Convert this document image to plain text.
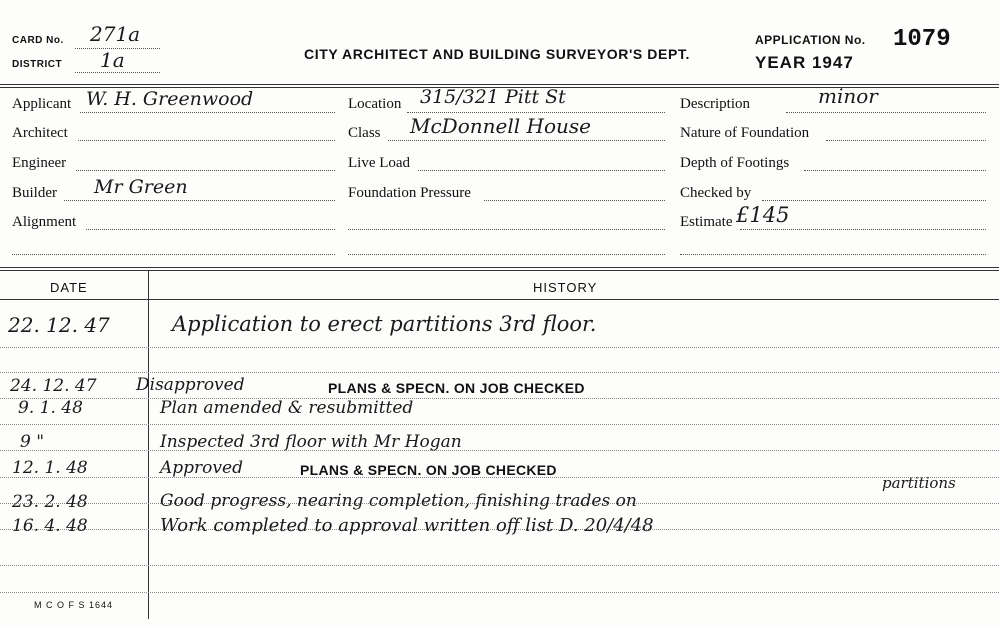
CARD No. 271a
DISTRICT 1a	CITY ARCHITECT AND BUILDING SURVEYOR'S DEPT.
APPLICATION No. 1079
YEAR 1947
Applicant W. H. Greenwood
Architect
Engineer
Builder Mr Green
Alignment
Location 315/321 Pitt St
Class McDonnell House
Live Load
Foundation Pressure
Description	minor
Nature of Foundation
Depth of Footings
Checked by
Estimate £145
DATE	HISTORY
22. 12. 47	Application to erect partitions 3rd floor.
24. 12. 47 Disapproved	PLANS & SPECN. ON JOB CHECKED
9. 1. 48	Plan amended & resubmitted
9 "	Inspected 3rd floor with Mr Hogan
12. 1. 48	Approved	PLANS & SPECN. ON JOB CHECKED
23. 2. 48	Good progress, nearing completion, finishing trades on
partitions
16. 4. 48	Work completed to approval written off list D. 20/4/48
M C O F S 1644
